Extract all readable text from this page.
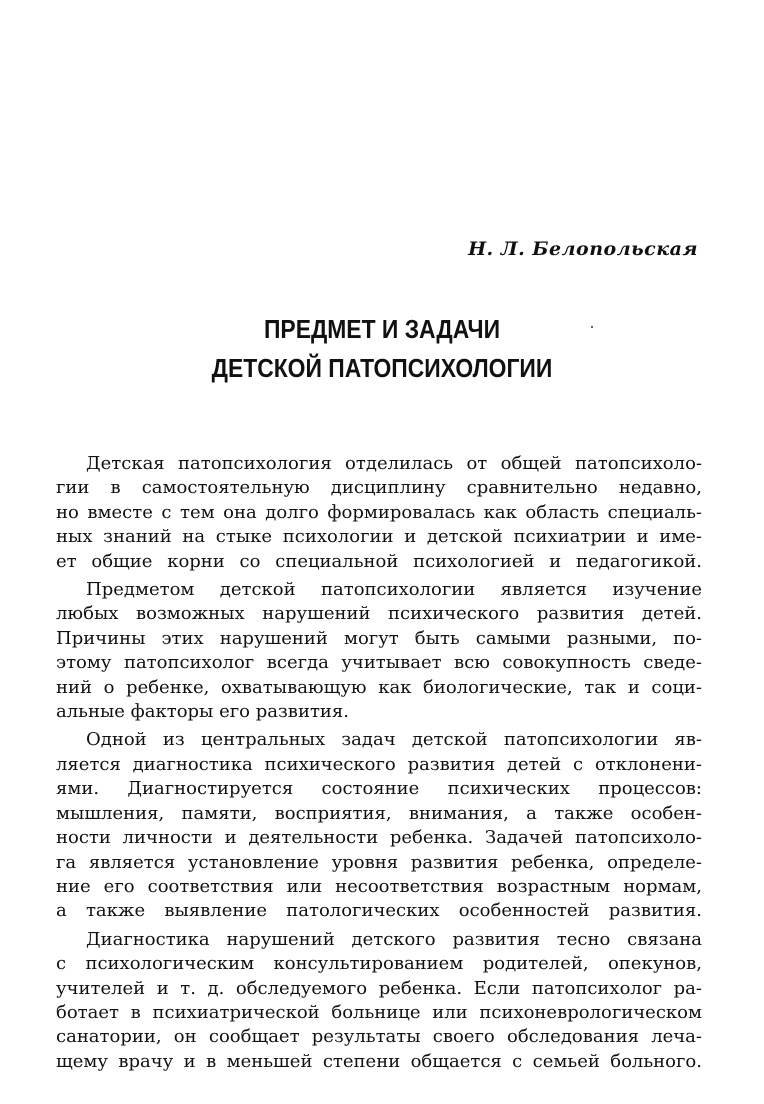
Н. Л. Белопольская

ПРЕДМЕТ И ЗАДАЧИ
ДЕТСКОЙ ПАТОПСИХОЛОГИИ

Детская патопсихология отделилась от общей патопсихоло-
гии в самостоятельную дисциплину сравнительно недавно,
но вместе с тем она долго формировалась как область специаль-
ных знаний на стыке психологии и детской психиатрии и име-
ет общие корни со специальной психологией и педагогикой.

Предметом детской патопсихологии является изучение
любых возможных нарушений психического развития детей.
Причины этих нарушений могут быть самыми разными, по-
этому патопсихолог всегда учитывает всю совокупность сведе-
ний о ребенке, охватывающую как биологические, так и соци-
альные факторы его развития.

Одной из центральных задач детской патопсихологии яв-
ляется диагностика психического развития детей с отклонени-
ями. Диагностируется состояние психических процессов:
мышления, памяти, восприятия, внимания, а также особен-
ности личности и деятельности ребенка. Задачей патопсихоло-
га является установление уровня развития ребенка, определе-
ние его соответствия или несоответствия возрастным нормам,
а также выявление патологических особенностей развития.

Диагностика нарушений детского развития тесно связана
с психологическим консультированием родителей, опекунов,
учителей и т. д. обследуемого ребенка. Если патопсихолог ра-
ботает в психиатрической больнице или психоневрологическом
санатории, он сообщает результаты своего обследования леча-
щему врачу и в меньшей степени общается с семьей больного.
